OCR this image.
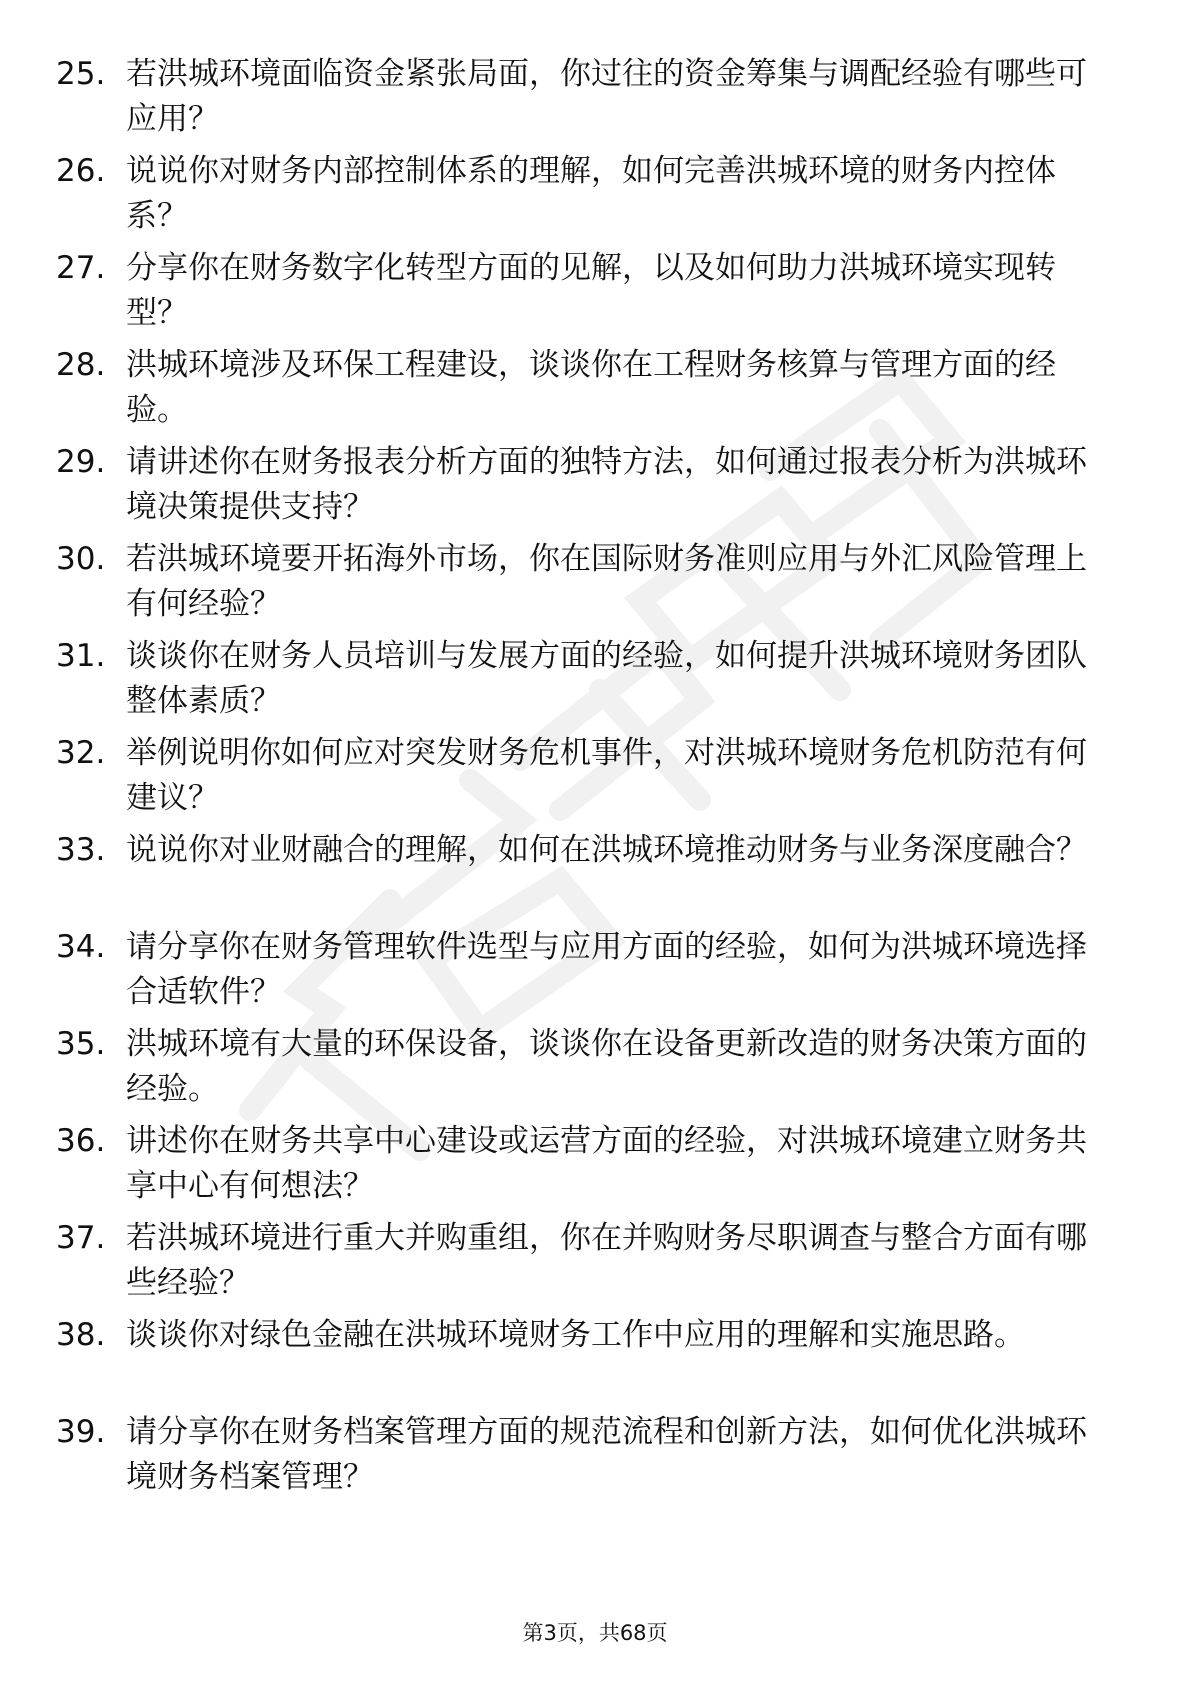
25. 若洪城环境面临资金紧张局面，你过往的资金筹集与调配经验有哪些可应用？
26. 说说你对财务内部控制体系的理解，如何完善洪城环境的财务内控体系？
27. 分享你在财务数字化转型方面的见解，以及如何助力洪城环境实现转型？
28. 洪城环境涉及环保工程建设，谈谈你在工程财务核算与管理方面的经验。
29. 请讲述你在财务报表分析方面的独特方法，如何通过报表分析为洪城环境决策提供支持？
30. 若洪城环境要开拓海外市场，你在国际财务准则应用与外汇风险管理上有何经验？
31. 谈谈你在财务人员培训与发展方面的经验，如何提升洪城环境财务团队整体素质？
32. 举例说明你如何应对突发财务危机事件，对洪城环境财务危机防范有何建议？
33. 说说你对业财融合的理解，如何在洪城环境推动财务与业务深度融合？
34. 请分享你在财务管理软件选型与应用方面的经验，如何为洪城环境选择合适软件？
35. 洪城环境有大量的环保设备，谈谈你在设备更新改造的财务决策方面的经验。
36. 讲述你在财务共享中心建设或运营方面的经验，对洪城环境建立财务共享中心有何想法？
37. 若洪城环境进行重大并购重组，你在并购财务尽职调查与整合方面有哪些经验？
38. 谈谈你对绿色金融在洪城环境财务工作中应用的理解和实施思路。
39. 请分享你在财务档案管理方面的规范流程和创新方法，如何优化洪城环境财务档案管理？
第3页，共68页
